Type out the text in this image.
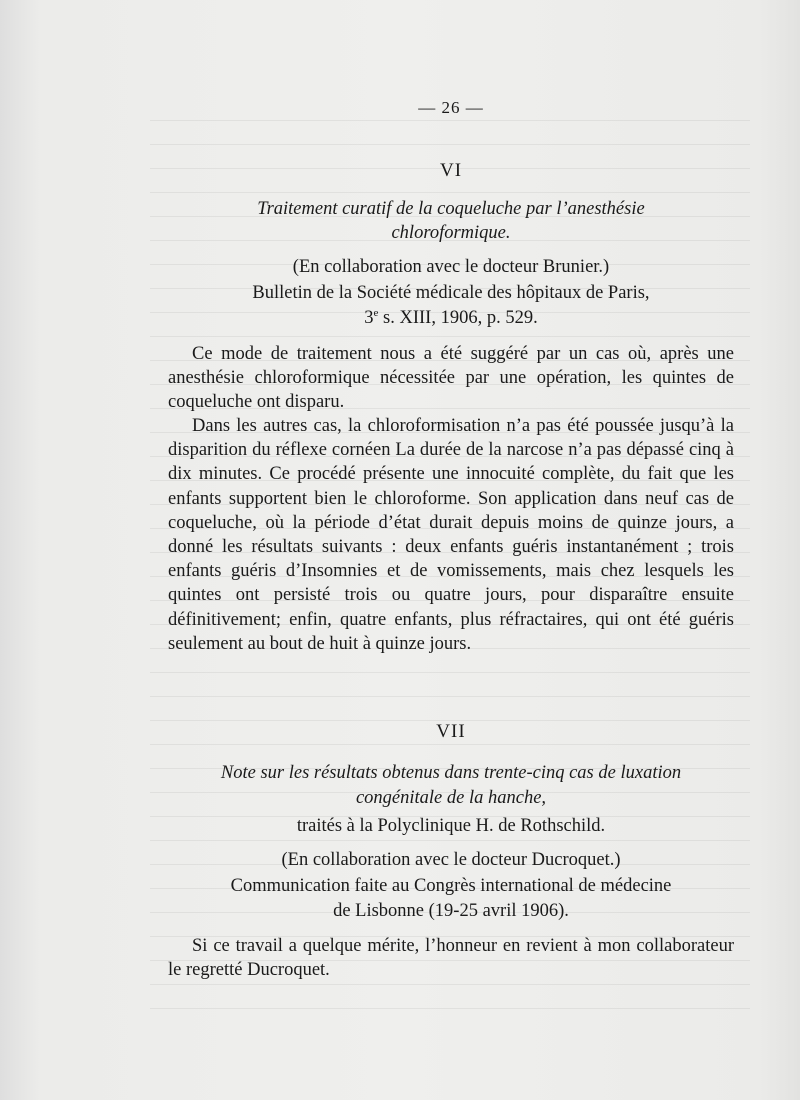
— 26 —
VI
Traitement curatif de la coqueluche par l’anesthésie
chloroformique.
(En collaboration avec le docteur Brunier.)
Bulletin de la Société médicale des hôpitaux de Paris,
3e s. XIII, 1906, p. 529.

Ce mode de traitement nous a été suggéré par un cas où, après une anesthésie chloroformique nécessitée par une opération, les quintes de coqueluche ont disparu.

Dans les autres cas, la chloroformisation n’a pas été poussée jusqu’à la disparition du réflexe cornéen La durée de la narcose n’a pas dépassé cinq à dix minutes. Ce procédé présente une innocuité complète, du fait que les enfants supportent bien le chloroforme. Son application dans neuf cas de coqueluche, où la période d’état durait depuis moins de quinze jours, a donné les résultats suivants : deux enfants guéris instantanément ; trois enfants guéris d’Insomnies et de vomissements, mais chez lesquels les quintes ont persisté trois ou quatre jours, pour disparaître ensuite définitivement; enfin, quatre enfants, plus réfractaires, qui ont été guéris seulement au bout de huit à quinze jours.

VII
Note sur les résultats obtenus dans trente-cinq cas de luxation
congénitale de la hanche,
traités à la Polyclinique H. de Rothschild.
(En collaboration avec le docteur Ducroquet.)
Communication faite au Congrès international de médecine
de Lisbonne (19-25 avril 1906).

Si ce travail a quelque mérite, l’honneur en revient à mon collaborateur le regretté Ducroquet.
